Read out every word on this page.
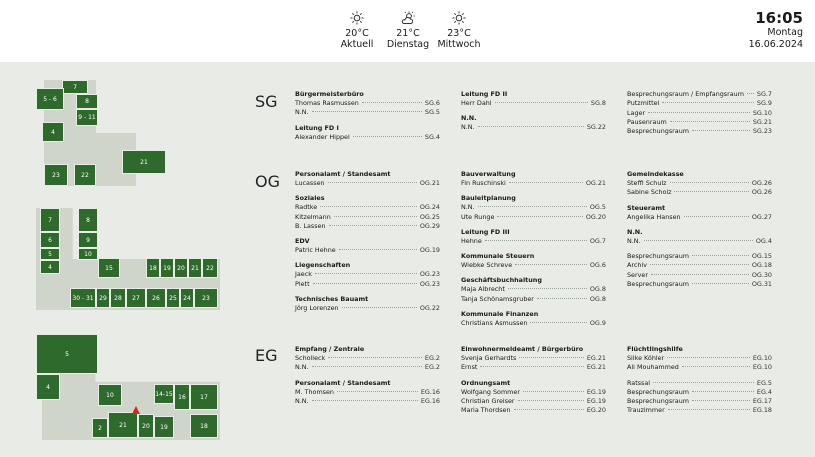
20°C
Aktuell
21°C
Dienstag
23°C
Mittwoch
16:05
Montag
16.06.2024
7
5 - 6	8
9 - 11
4
21
23	22
7	8
6	9
5
4
10
15	18	19	20	21	22
30 - 31 29	28	27	26	25	24	23
5
4
10	14-15 16	17
2	21	20	19	18
SG
OG
EG
Bürgermeisterbüro
Thomas Rasmussen	SG.6
N.N.	SG.5
Leitung FD I
Alexander Hippel	SG.4
Leitung FD II
Herr Dahl	SG.8
N.N.
N.N.	SG.22
Besprechungsraum / Empfangsraum SG.7
Putzmittel	SG.9
Lager	SG.10
Pausenraum	SG.21
Besprechungsraum	SG.23
Personalamt / Standesamt
Lucassen	OG.21
Soziales
Radtke	OG.24
Kitzelmann	OG.25
B. Lassen	OG.29
EDV
Patric Hehne	OG.19
Liegenschaften
Jaeck	OG.23
Plett	OG.23
Technisches Bauamt
Jörg Lorenzen	OG.22
Bauverwaltung
Fin Ruschinski	OG.21
Bauleitplanung
N.N.	OG.5
Ute Runge	OG.20
Leitung FD III
Hehne	OG.7
Kommunale Steuern
Wiebke Schreve	OG.6
Geschäftsbuchhaltung
Maja Albrecht	OG.8
Tanja Schönamsgruber	OG.8
Kommunale Finanzen
Christians Asmussen	OG.9
Gemeindekasse
Steffi Schulz	OG.26
Sabine Scholz	OG.26
Steueramt
Angelika Hansen	OG.27
N.N.
N.N.	OG.4
Besprechungsraum	OG.15
Archiv	OG.18
Server	OG.30
Besprechungsraum	OG.31
Empfang / Zentrale
Scholleck	EG.2
N.N.	EG.2
Personalamt / Standesamt
M. Thomsen	EG.16
N.N.	EG.16
Einwohnermeldeamt / Bürgerbüro
Svenja Gerhardts	EG.21
Ernst	EG.21
Ordnungsamt
Wolfgang Sommer	EG.19
Christian Greiser	EG.19
Maria Thordsen	EG.20
Flüchtlingshilfe
Silke Köhler	EG.10
Ali Mouhammed	EG.10
Ratssal	EG.5
Besprechungsraum	EG.4
Besprechungsraum	EG.17
Trauzimmer	EG.18
